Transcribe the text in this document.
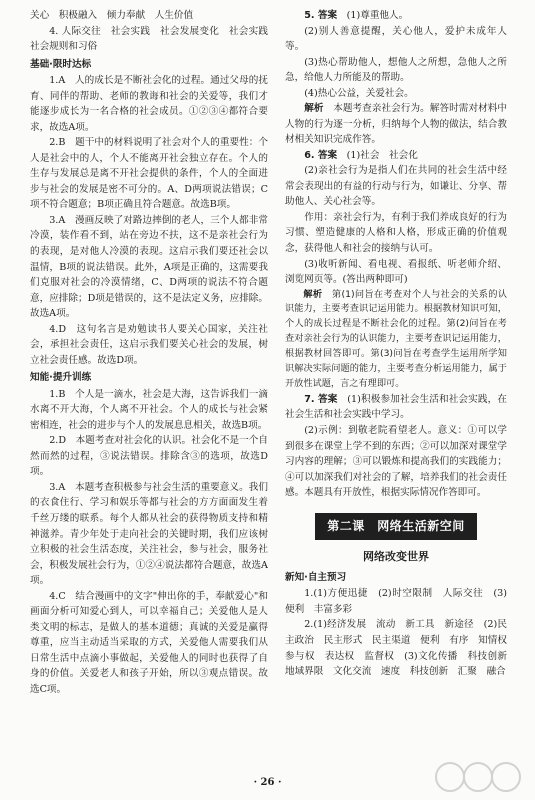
关心　积极融入　倾力奉献　人生价值

4. 人际交往　社会实践　社会发展变化　社会实践　社会规则和习俗

基础·限时达标

1.A　人的成长是不断社会化的过程。通过父母的抚育、同伴的帮助、老师的教诲和社会的关爱等，我们才能逐步成长为一名合格的社会成员。①②③④都符合要求，故选A项。

2.B　题干中的材料说明了社会对个人的重要性：个人是社会中的人，个人不能离开社会独立存在。个人的生存与发展总是离不开社会提供的条件，个人的全面进步与社会的发展是密不可分的。A、D两项说法错误；C项不符合题意；B项正确且符合题意。故选B项。

3.A　漫画反映了对路边摔倒的老人，三个人都非常冷漠，装作看不到，站在旁边不扶，这不是亲社会行为的表现，是对他人冷漠的表现。这启示我们要还社会以温情，B项的说法错误。此外，A项是正确的，这需要我们克服对社会的冷漠情绪，C、D两项的说法不符合题意，应排除；D项是错误的，这不是法定义务，应排除。故选A项。

4.D　这句名言是劝勉读书人要关心国家，关注社会，承担社会责任，这启示我们要关心社会的发展，树立社会责任感。故选D项。

知能·提升训练

1.B　个人是一滴水，社会是大海，这告诉我们一滴水离不开大海，个人离不开社会。个人的成长与社会紧密相连，社会的进步与个人的发展息息相关，故选B项。

2.D　本题考查对社会化的认识。社会化不是一个自然而然的过程，③说法错误。排除含③的选项，故选D项。

3.A　本题考查积极参与社会生活的重要意义。我们的衣食住行、学习和娱乐等都与社会的方方面面发生着千丝万缕的联系。每个人都从社会的获得物质支持和精神滋养。青少年处于走向社会的关键时期，我们应该树立积极的社会生活态度，关注社会，参与社会，服务社会，积极发展社会行为，①②④说法都符合题意，故选A项。

4.C　结合漫画中的文字"伸出你的手，奉献爱心"和画面分析可知爱心到人，可以幸福自己；关爱他人是人类文明的标志，是做人的基本道德；真诚的关爱是赢得尊重，应当主动适当采取的方式，关爱他人需要我们从日常生活中点滴小事做起，关爱他人的同时也获得了自身的价值。关爱老人和孩子开始，所以③观点错误。故选C项。

5. 答案　 (1)尊重他人。

(2)别人善意提醒，关心他人，爱护未成年人等。

(3)热心帮助他人，想他人之所想，急他人之所急，给他人力所能及的帮助。

(4)热心公益，关爱社会。

解析　 本题考查亲社会行为。解答时需对材料中人物的行为逐一分析，归纳每个人物的做法，结合教材相关知识完成作答。

6. 答案　 (1)社会　社会化

(2)亲社会行为是指人们在共同的社会生活中经常会表现出的有益的行动与行为，如谦让、分享、帮助他人、关心社会等。

作用：亲社会行为，有利于我们养成良好的行为习惯、塑造健康的人格和人格，形成正确的价值观念，获得他人和社会的接纳与认可。

(3)收听新闻、看电视、看报纸、听老师介绍、浏览网页等。(答出两种即可)

解析　 第(1)问旨在考查对个人与社会的关系的认识能力，主要考查识记运用能力。根据教材知识可知，个人的成长过程是不断社会化的过程。第(2)问旨在考查对亲社会行为的认识能力，主要考查识记运用能力，根据教材回答即可。第(3)问旨在考查学生运用所学知识解决实际问题的能力，主要考查分析运用能力，属于开放性试题，言之有理即可。

7. 答案　 (1)积极参加社会生活和社会实践，在社会生活和社会实践中学习。

(2)示例：到敬老院看望老人。意义：①可以学到很多在课堂上学不到的东西；②可以加深对课堂学习内容的理解；③可以锻炼和提高我们的实践能力；④可以加深我们对社会的了解，培养我们的社会责任感。本题具有开放性，根据实际情况作答即可。

第二课　网络生活新空间
网络改变世界
新知·自主预习

1.(1)方便迅捷　(2)时空限制　人际交往　(3)便利　丰富多彩

2.(1)经济发展　流动　新工具　新途径　(2)民主政治　民主形式　民主渠道　便利　有序　知情权　参与权　表达权　监督权　(3)文化传播　科技创新　地域界限　文化交流　速度　科技创新　汇聚　融合

· 26 ·
